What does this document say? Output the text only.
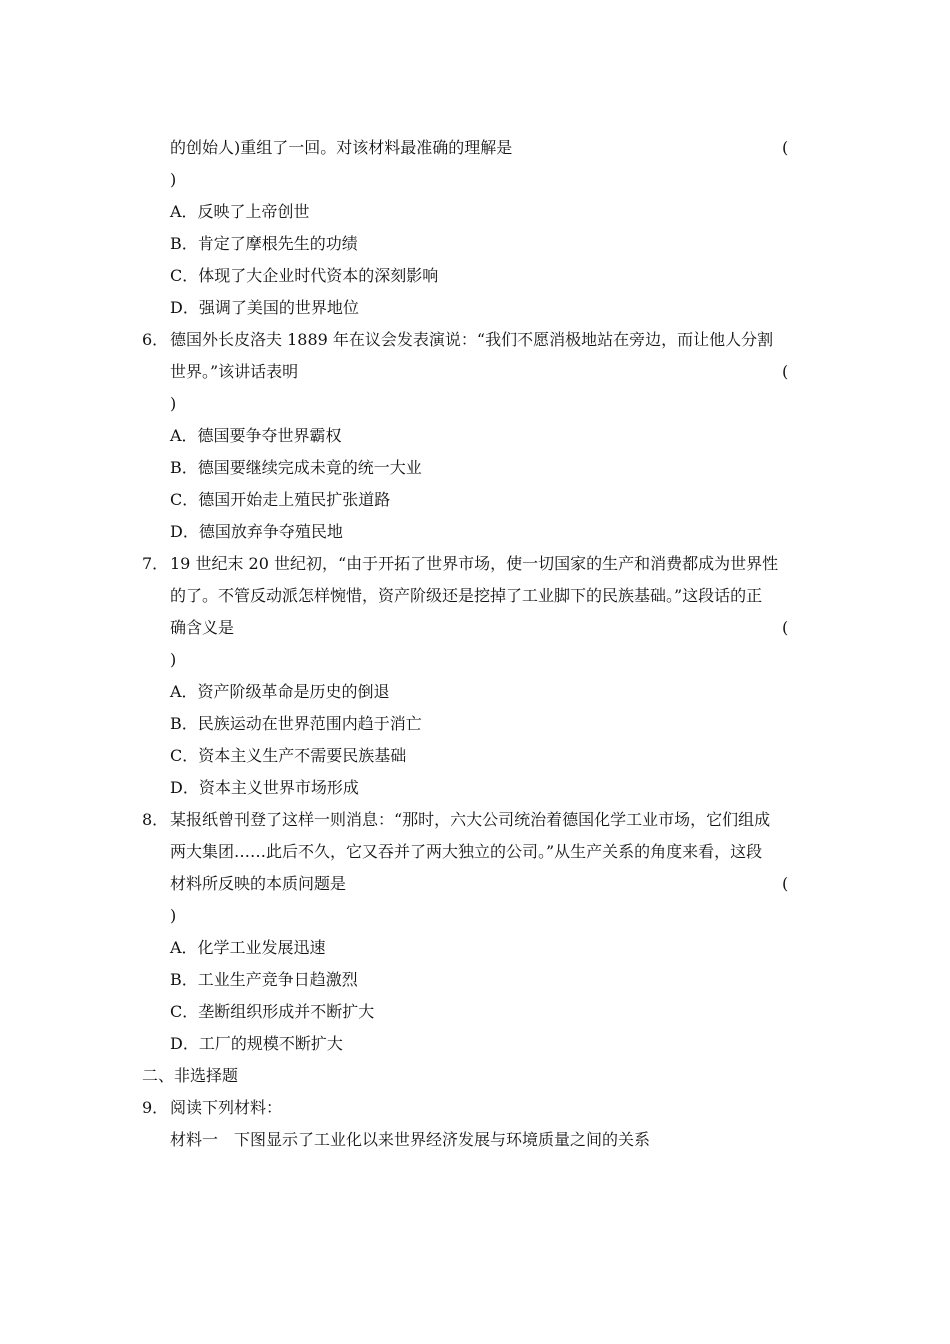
的创始人)重组了一回。对该材料最准确的理解是	(
)
A．反映了上帝创世
B．肯定了摩根先生的功绩
C．体现了大企业时代资本的深刻影响
D．强调了美国的世界地位
6． 德国外长皮洛夫 1889 年在议会发表演说：“我们不愿消极地站在旁边，而让他人分割
世界。”该讲话表明	(
)
A．德国要争夺世界霸权
B．德国要继续完成未竟的统一大业
C．德国开始走上殖民扩张道路
D．德国放弃争夺殖民地
7． 19 世纪末 20 世纪初，“由于开拓了世界市场，使一切国家的生产和消费都成为世界性
的了。不管反动派怎样惋惜，资产阶级还是挖掉了工业脚下的民族基础。”这段话的正
确含义是	(
)
A．资产阶级革命是历史的倒退
B．民族运动在世界范围内趋于消亡
C．资本主义生产不需要民族基础
D．资本主义世界市场形成
8． 某报纸曾刊登了这样一则消息：“那时，六大公司统治着德国化学工业市场，它们组成
两大集团……此后不久，它又吞并了两大独立的公司。”从生产关系的角度来看，这段
材料所反映的本质问题是	(
)
A．化学工业发展迅速
B．工业生产竞争日趋激烈
C．垄断组织形成并不断扩大
D．工厂的规模不断扩大
二、非选择题
9． 阅读下列材料：
材料一　下图显示了工业化以来世界经济发展与环境质量之间的关系
